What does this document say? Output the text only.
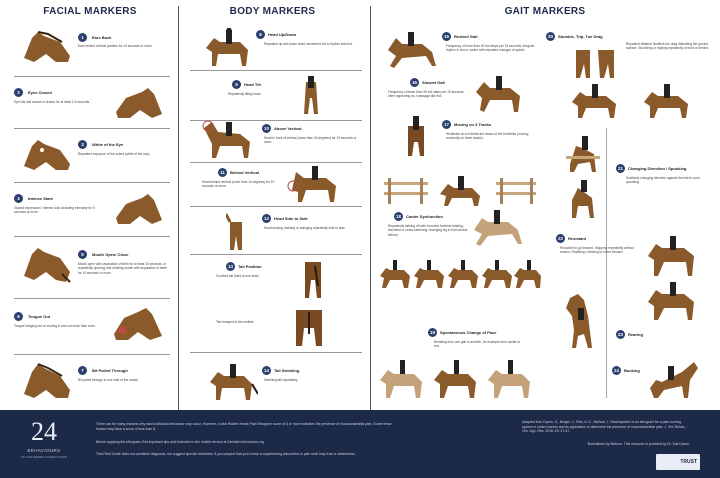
FACIAL MARKERS	BODY MARKERS	GAIT MARKERS
1	Ears Back
Ears behind vertical position for ≥5 seconds or more.
2	Eyes Closed
Eye lids half closed or closed for at least 2-5 seconds.
3	White of the Eye
Repeated exposure of the sclera (white of the eye).
4	Intense Stare
Glazed expression / intense look at staring intensely for 5 seconds or more.
5	Mouth Open/ Close
Mouth open with separation of teeth for at least 10 seconds, or repeatedly opening and shutting mouth with separation of teeth for 10 seconds or more.
6	Tongue Out
Tongue hanging out or moving in and out more than once.
7	Bit Pulled Through
Bit pulled through to one side of the mouth.
8	Head Up/Down
Repeated up and down head movement not in rhythm with trot.
9	Head Tilt
Repeatedly tilting head.
10	Above Vertical
Head in front of vertical (more than 30 degrees) for 10 seconds or more.
11	Behind Vertical
Head behind vertical (more than 10 degrees) for 10 seconds or more.
12	Head Side to Side
Head tossing, twisting or swinging repeatedly side to side.
13	Tail Position
Crooked tail (held to one side).
Tail clamped to the midline.
14	Tail Swishing
Swishing tail repeatedly.
15	Rushed Gait
Frequency of more than 40 trot steps per 15 seconds; irregular rhythm in trot or canter with repeated changes of speed.
16	Slowed Gait
Frequency of fewer than 35 trot steps per 15 seconds, often appearing as a passage-like trot.
17	Moving on 3 Tracks
Hindlimbs do not follow the tracks of the forelimbs (moving crookedly on three tracks).
18	Canter Dysfunction
Repeatedly striking off with incorrect forelimb leading; disunited or cross-cantering; changing leg in front and/or behind.
19	Spontaneous Change of Pace
Breaking from one gait to another, for example from canter to trot.
20	Stumble, Trip, Toe Drag
Repeated bilateral hindlimb toe drag disturbing the ground surface. Stumbling or tripping repeatedly in front or behind.
21	Changing Direction / Spooking
Suddenly changing direction against the rider's cues; spooking.
22	Resistant
Reluctant to go forward. Stopping repeatedly without reason. Resisting / refusing to move forward.
23	Rearing
24	Bucking
24
BEHAVIOURS
OF THE RIDDEN HORSE IN PAIN
There can be many reasons why each individual behaviour may occur. However, a total Ridden Horse Pain Ethogram score of 8 or more indicates the presence of musculoskeletal pain. Some tense horses may have a score of less than 8.
Before applying the ethogram, find important tips and footnotes in the mobile version at 24ridden behaviours.org.
This Field Guide does not constitute diagnosis, but suggest specific treatment. If you suspect that your horse is experiencing discomfort or pain seek help from a veterinarian.
Adapted from Dyson, S., Berger, J., Ellis, A. D., Mullard, J. Development of an ethogram for a pain scoring system in ridden horses and its application to determine the presence of musculoskeletal pain. J. Vet. Behav., Clin. App. Res. 2018; 23: 47-57.
Illustrations by Woburn. This resource is provided by Dr. Sue Dyson.
TRUST
